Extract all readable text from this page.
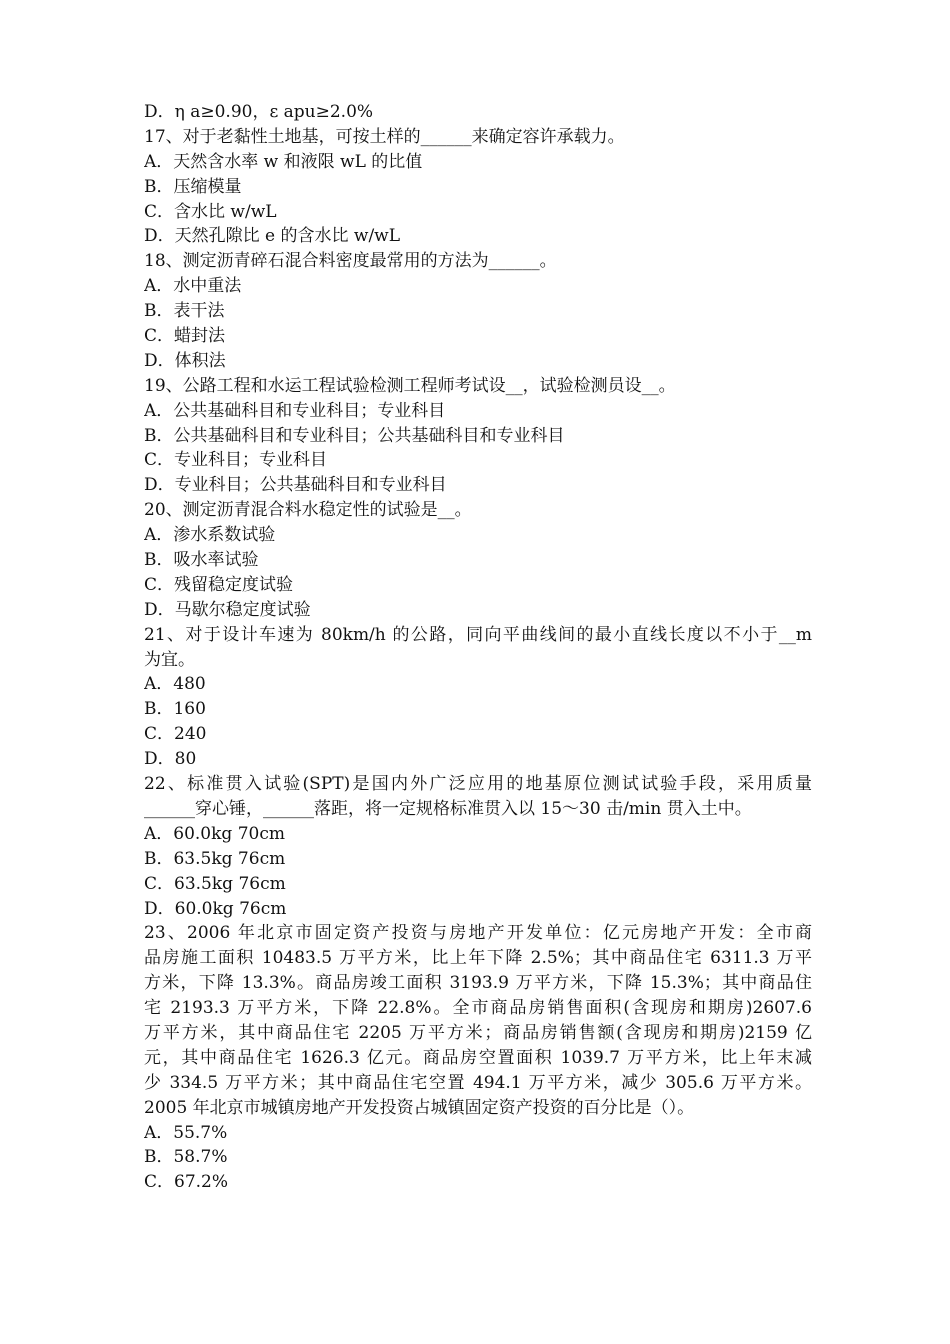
D．η a≥0.90，ε apu≥2.0%
17、对于老黏性土地基，可按土样的______来确定容许承载力。
A．天然含水率 w 和液限 wL 的比值
B．压缩模量
C．含水比 w/wL
D．天然孔隙比 e 的含水比 w/wL
18、测定沥青碎石混合料密度最常用的方法为______。
A．水中重法
B．表干法
C．蜡封法
D．体积法
19、公路工程和水运工程试验检测工程师考试设__，试验检测员设__。
A．公共基础科目和专业科目；专业科目
B．公共基础科目和专业科目；公共基础科目和专业科目
C．专业科目；专业科目
D．专业科目；公共基础科目和专业科目
20、测定沥青混合料水稳定性的试验是__。
A．渗水系数试验
B．吸水率试验
C．残留稳定度试验
D．马歇尔稳定度试验
21、对于设计车速为 80km/h 的公路，同向平曲线间的最小直线长度以不小于__m
为宜。
A．480
B．160
C．240
D．80
22、标准贯入试验(SPT)是国内外广泛应用的地基原位测试试验手段，采用质量
______穿心锤，______落距，将一定规格标准贯入以 15～30 击/min 贯入土中。
A．60.0kg 70cm
B．63.5kg 76cm
C．63.5kg 76cm
D．60.0kg 76cm
23、2006 年北京市固定资产投资与房地产开发单位：亿元房地产开发：全市商
品房施工面积 10483.5 万平方米，比上年下降 2.5%；其中商品住宅 6311.3 万平
方米，下降 13.3%。商品房竣工面积 3193.9 万平方米，下降 15.3%；其中商品住
宅 2193.3 万平方米，下降 22.8%。全市商品房销售面积(含现房和期房)2607.6
万平方米，其中商品住宅 2205 万平方米；商品房销售额(含现房和期房)2159 亿
元，其中商品住宅 1626.3 亿元。商品房空置面积 1039.7 万平方米，比上年末减
少 334.5 万平方米；其中商品住宅空置 494.1 万平方米，减少 305.6 万平方米。
2005 年北京市城镇房地产开发投资占城镇固定资产投资的百分比是（）。
A．55.7%
B．58.7%
C．67.2%
